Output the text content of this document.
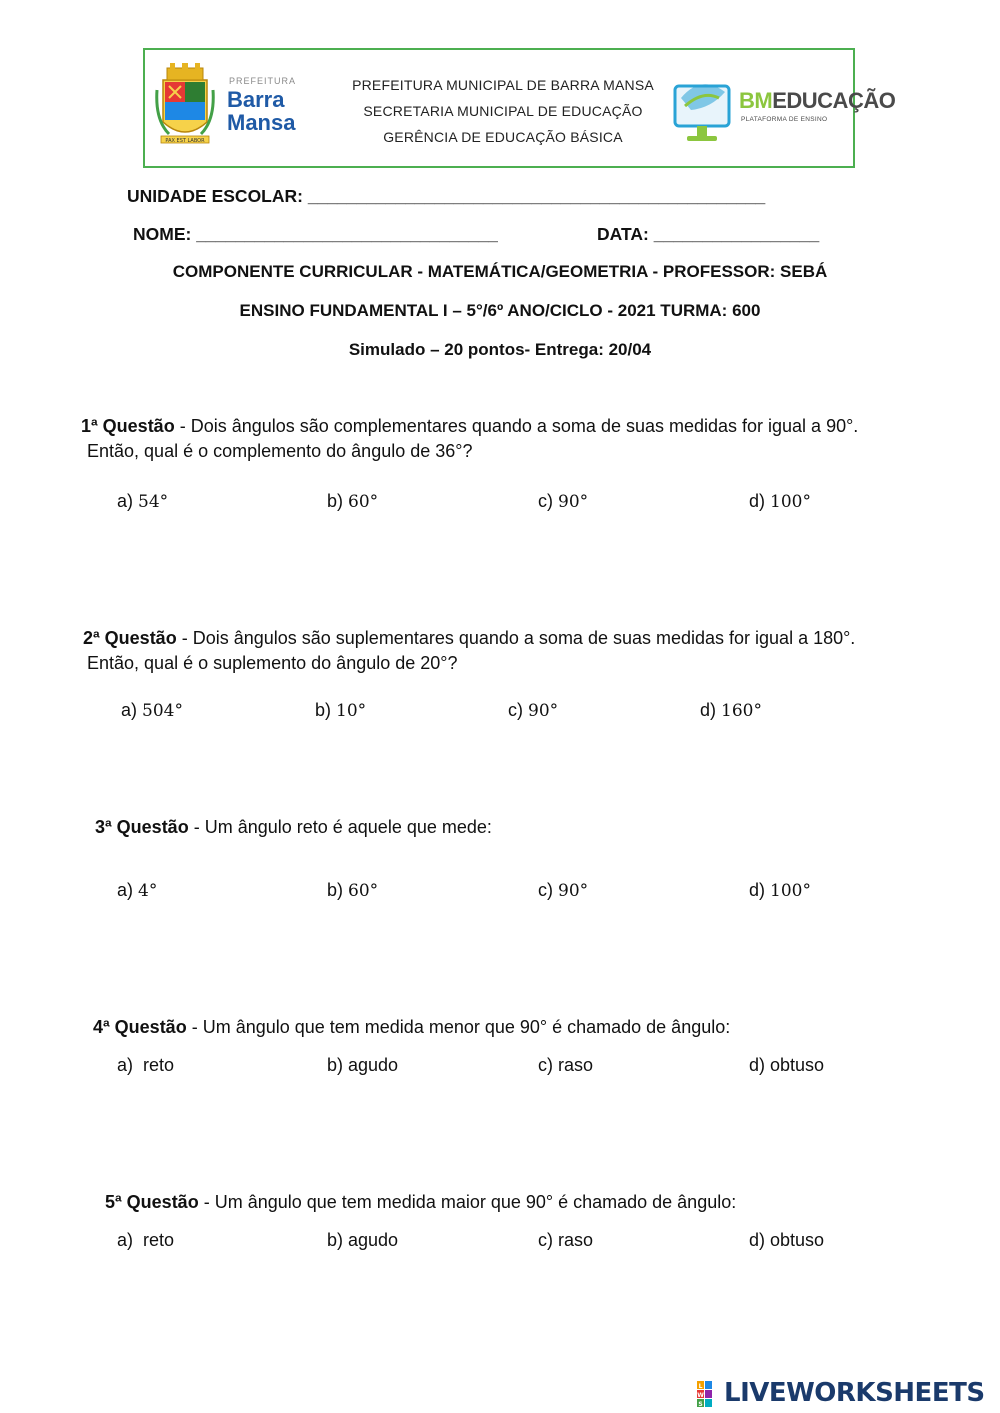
PAX EST LABOR
PREFEITURA
Barra
Mansa
PREFEITURA MUNICIPAL DE BARRA MANSA
SECRETARIA MUNICIPAL DE EDUCAÇÃO
GERÊNCIA DE EDUCAÇÃO BÁSICA
BMEDUCAÇÃO
PLATAFORMA DE ENSINO
UNIDADE ESCOLAR: _______________________________________________
NOME: _______________________________	DATA: _________________
COMPONENTE CURRICULAR - MATEMÁTICA/GEOMETRIA - PROFESSOR: SEBÁ
ENSINO FUNDAMENTAL I – 5°/6º ANO/CICLO - 2021 TURMA: 600
Simulado – 20 pontos- Entrega: 20/04
1ª Questão - Dois ângulos são complementares quando a soma de suas medidas for igual a 90°.
Então, qual é o complemento do ângulo de 36°?
a) 54°	b) 60°	c) 90°	d) 100°
2ª Questão - Dois ângulos são suplementares quando a soma de suas medidas for igual a 180°.
Então, qual é o suplemento do ângulo de 20°?
a) 504°	b) 10°	c) 90°	d) 160°
3ª Questão - Um ângulo reto é aquele que mede:
a) 4°	b) 60°	c) 90°	d) 100°
4ª Questão - Um ângulo que tem medida menor que 90° é chamado de ângulo:
a)  reto	b) agudo	c) raso	d) obtuso
5ª Questão - Um ângulo que tem medida maior que 90° é chamado de ângulo:
a)  reto	b) agudo	c) raso	d) obtuso
L
W
S LIVEWORKSHEETS
